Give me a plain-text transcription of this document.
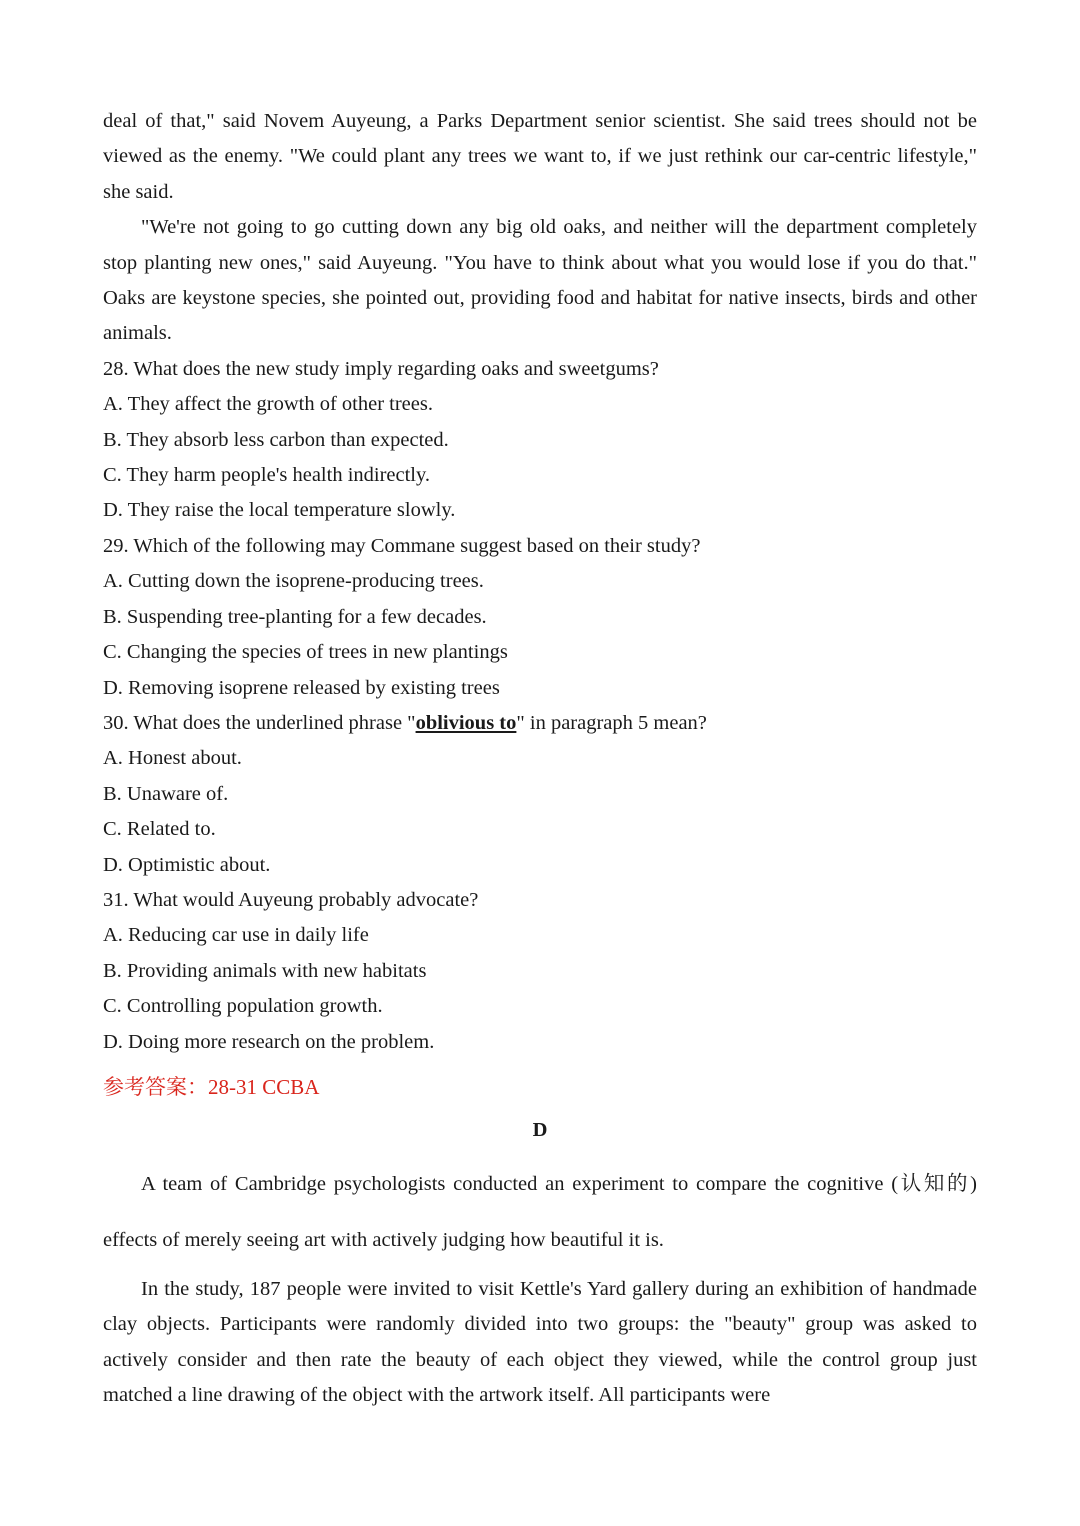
deal of that," said Novem Auyeung, a Parks Department senior scientist. She said trees should not be viewed as the enemy. "We could plant any trees we want to, if we just rethink our car-centric lifestyle," she said.

"We're not going to go cutting down any big old oaks, and neither will the department completely stop planting new ones," said Auyeung. "You have to think about what you would lose if you do that." Oaks are keystone species, she pointed out, providing food and habitat for native insects, birds and other animals.

28. What does the new study imply regarding oaks and sweetgums?

A. They affect the growth of other trees.

B. They absorb less carbon than expected.

C. They harm people's health indirectly.

D. They raise the local temperature slowly.

29. Which of the following may Commane suggest based on their study?

A. Cutting down the isoprene-producing trees.

B. Suspending tree-planting for a few decades.

C. Changing the species of trees in new plantings

D. Removing isoprene released by existing trees

30. What does the underlined phrase "oblivious to" in paragraph 5 mean?

A. Honest about.

B. Unaware of.

C. Related to.

D. Optimistic about.

31. What would Auyeung probably advocate?

A. Reducing car use in daily life

B. Providing animals with new habitats

C. Controlling population growth.

D. Doing more research on the problem.

参考答案：28-31 CCBA

D

A team of Cambridge psychologists conducted an experiment to compare the cognitive (认知的) effects of merely seeing art with actively judging how beautiful it is.

In the study, 187 people were invited to visit Kettle's Yard gallery during an exhibition of handmade clay objects. Participants were randomly divided into two groups: the "beauty" group was asked to actively consider and then rate the beauty of each object they viewed, while the control group just matched a line drawing of the object with the artwork itself. All participants were
